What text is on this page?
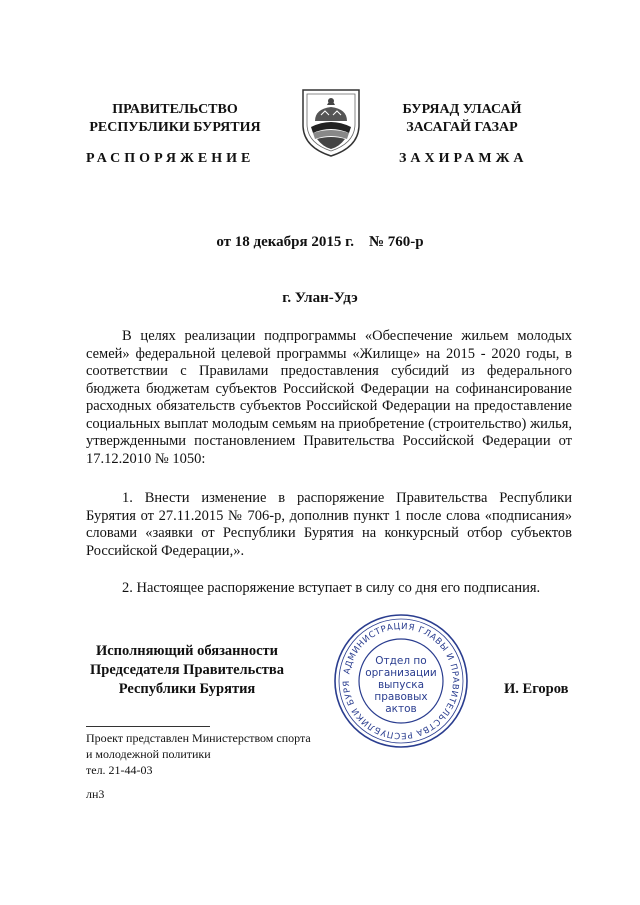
ПРАВИТЕЛЬСТВО
РЕСПУБЛИКИ БУРЯТИЯ
БУРЯАД УЛАСАЙ
ЗАСАГАЙ ГАЗАР
РАСПОРЯЖЕНИЕ	ЗАХИРАМЖА
от 18 декабря 2015 г.    № 760-р
г. Улан-Удэ
В целях реализации подпрограммы «Обеспечение жильем молодых семей» федеральной целевой программы «Жилище» на 2015 - 2020 годы, в соответствии с Правилами предоставления субсидий из федерального бюджета бюджетам субъектов Российской Федерации на софинансирование расходных обязательств субъектов Российской Федерации на предоставление социальных выплат молодым семьям на приобретение (строительство) жилья, утвержденными постановлением Правительства Российской Федерации от 17.12.2010 № 1050:
1. Внести изменение в распоряжение Правительства Республики Бурятия от 27.11.2015 № 706-р, дополнив пункт 1 после слова «подписания» словами «заявки от Республики Бурятия на конкурсный отбор субъектов Российской Федерации,».
2. Настоящее распоряжение вступает в силу со дня его подписания.
Исполняющий обязанности
Председателя Правительства
Республики Бурятия	И. Егоров
АДМИНИСТРАЦИЯ ГЛАВЫ И ПРАВИТЕЛЬСТВА РЕСПУБЛИКИ БУРЯ
Отдел по
организации
выпуска
правовых
актов
Проект представлен Министерством спорта
и молодежной политики
тел. 21-44-03
лн3
